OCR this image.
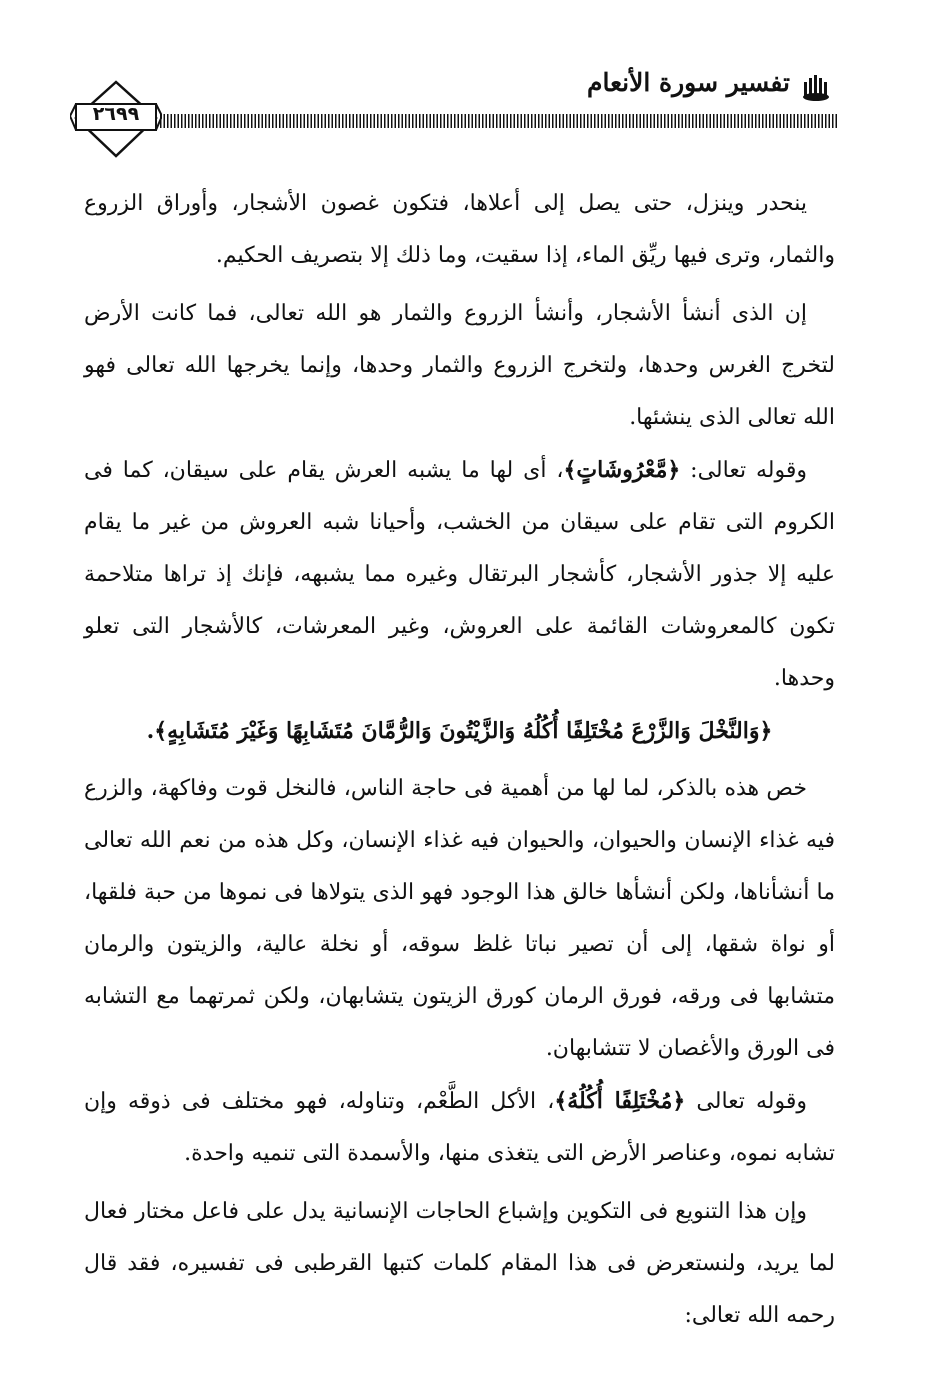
تفسير سورة الأنعام
٢٦٩٩

ينحدر وينزل، حتى يصل إلى أعلاها، فتكون غصون الأشجار، وأوراق الزروع والثمار، وترى فيها ريِّق الماء، إذا سقيت، وما ذلك إلا بتصريف الحكيم.

إن الذى أنشأ الأشجار، وأنشأ الزروع والثمار هو الله تعالى، فما كانت الأرض لتخرج الغرس وحدها، ولتخرج الزروع والثمار وحدها، وإنما يخرجها الله تعالى فهو الله تعالى الذى ينشئها.

وقوله تعالى: ﴿مَّعْرُوشَاتٍ﴾، أى لها ما يشبه العرش يقام على سيقان، كما فى الكروم التى تقام على سيقان من الخشب، وأحيانا شبه العروش من غير ما يقام عليه إلا جذور الأشجار، كأشجار البرتقال وغيره مما يشبهه، فإنك إذ تراها متلاحمة تكون كالمعروشات القائمة على العروش، وغير المعرشات، كالأشجار التى تعلو وحدها.

﴿وَالنَّخْلَ وَالزَّرْعَ مُخْتَلِفًا أُكُلُهُ وَالزَّيْتُونَ وَالرُّمَّانَ مُتَشَابِهًا وَغَيْرَ مُتَشَابِهٍ﴾.

خص هذه بالذكر، لما لها من أهمية فى حاجة الناس، فالنخل قوت وفاكهة، والزرع فيه غذاء الإنسان والحيوان، والحيوان فيه غذاء الإنسان، وكل هذه من نعم الله تعالى ما أنشأناها، ولكن أنشأها خالق هذا الوجود فهو الذى يتولاها فى نموها من حبة فلقها، أو نواة شقها، إلى أن تصير نباتا غلظ سوقه، أو نخلة عالية، والزيتون والرمان متشابها فى ورقه، فورق الرمان كورق الزيتون يتشابهان، ولكن ثمرتهما مع التشابه فى الورق والأغصان لا تتشابهان.

وقوله تعالى ﴿مُخْتَلِفًا أُكُلُهُ﴾، الأكل الطَّعْم، وتناوله، فهو مختلف فى ذوقه وإن تشابه نموه، وعناصر الأرض التى يتغذى منها، والأسمدة التى تنميه واحدة.

وإن هذا التنويع فى التكوين وإشباع الحاجات الإنسانية يدل على فاعل مختار فعال لما يريد، ولنستعرض فى هذا المقام كلمات كتبها القرطبى فى تفسيره، فقد قال رحمه الله تعالى:
